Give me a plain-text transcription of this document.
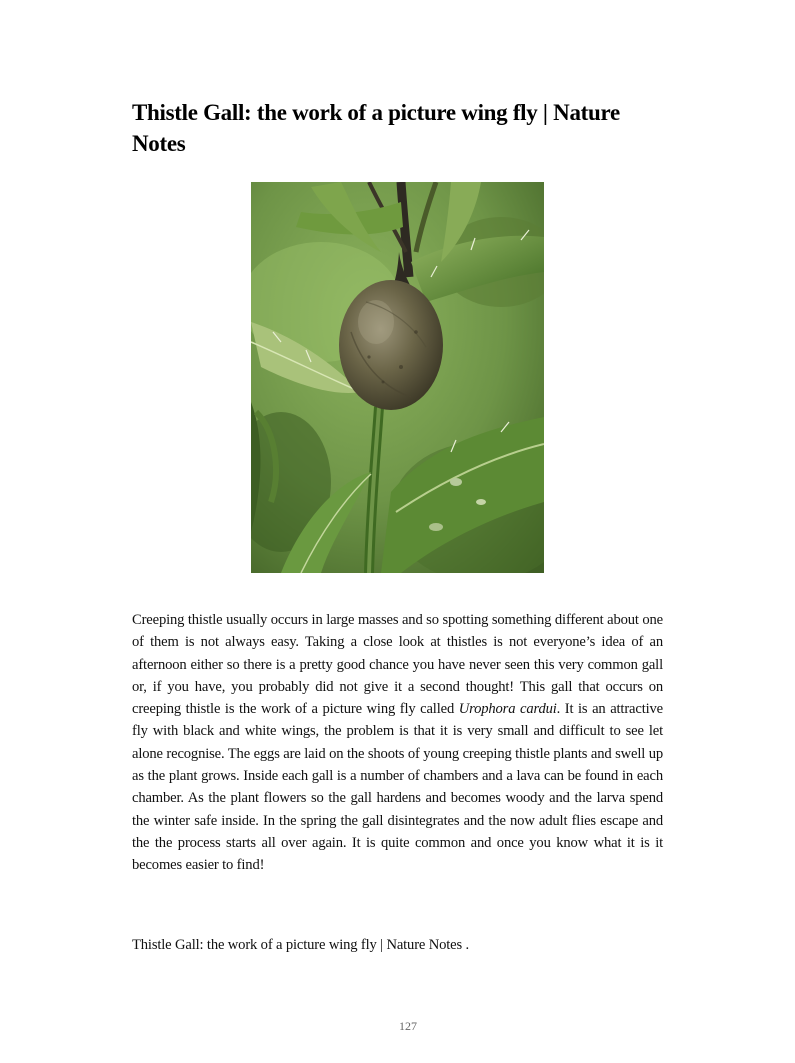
Thistle Gall: the work of a picture wing fly | Nature Notes

Creeping thistle usually occurs in large masses and so spotting something different about one of them is not always easy. Taking a close look at thistles is not everyone’s idea of an afternoon either so there is a pretty good chance you have never seen this very common gall or, if you have, you probably did not give it a second thought! This gall that occurs on creeping thistle is the work of a picture wing fly called Urophora cardui. It is an attractive fly with black and white wings, the problem is that it is very small and difficult to see let alone recognise. The eggs are laid on the shoots of young creeping thistle plants and swell up as the plant grows. Inside each gall is a number of chambers and a lava can be found in each chamber. As the plant flowers so the gall hardens and becomes woody and the larva spend the winter safe inside. In the spring the gall disintegrates and the now adult flies escape and the the process starts all over again. It is quite common and once you know what it is it becomes easier to find!

Thistle Gall: the work of a picture wing fly | Nature Notes .

127
